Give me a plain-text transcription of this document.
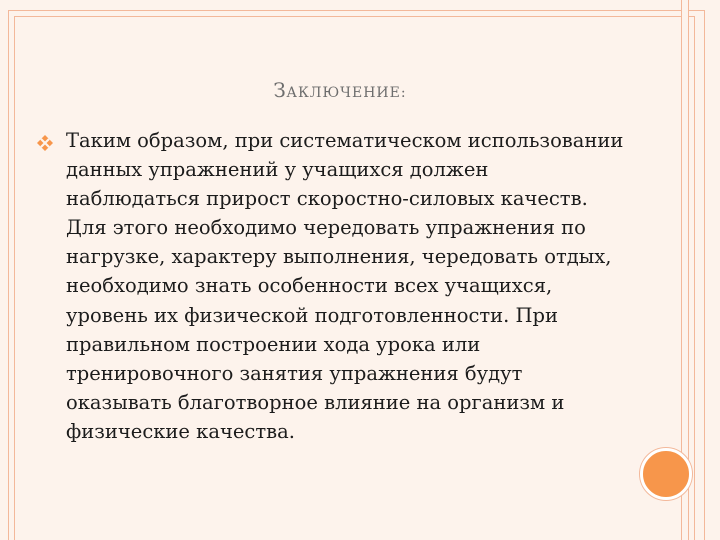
ЗАКЛЮЧЕНИЕ:
Таким образом, при систематическом использовании данных упражнений у учащихся должен наблюдаться прирост скоростно-силовых качеств. Для этого необходимо чередовать упражнения по нагрузке, характеру выполнения, чередовать отдых, необходимо знать особенности всех учащихся, уровень их физической подготовленности. При правильном построении хода урока или тренировочного занятия упражнения будут оказывать благотворное влияние на организм и физические качества.
